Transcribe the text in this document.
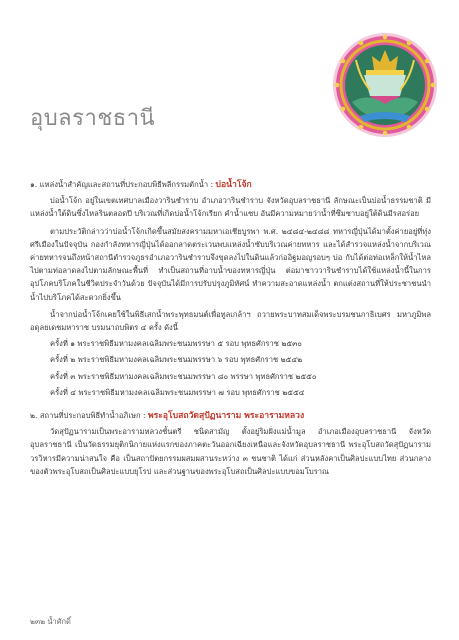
อุบลราชธานี

๑. แหล่งน้ำสำคัญและสถานที่ประกอบพิธีพลีกรรมตักน้ำ : บ่อน้ำโจ้ก

บ่อน้ำโจ้ก อยู่ในเขตเทศบาลเมืองวารินชำราบ อำเภอวารินชำราบ จังหวัดอุบลราชธานี ลักษณะเป็นบ่อน้ำธรรมชาติ มีแหล่งน้ำใต้ดินซึ่งไหลรินตลอดปี บริเวณที่เกิดบ่อน้ำโจ้กเรียก คำน้ำแซบ อันมีความหมายว่าน้ำที่ซึมซาบอยู่ใต้ดินมีรสอร่อย

ตามประวัติกล่าวว่าบ่อน้ำโจ้กเกิดขึ้นสมัยสงครามมหาเอเชียบูรพา พ.ศ. ๒๔๘๔-๒๔๘๘ ทหารญี่ปุ่นได้มาตั้งค่ายอยู่ที่ทุ่งศรีเมืองในปัจจุบัน กองกำลังทหารญี่ปุ่นได้ออกลาดตระเวนพบแหล่งน้ำซับบริเวณค่ายทหาร และได้สำรวจแหล่งน้ำจากบริเวณค่ายทหารจนถึงหน้าสถานีตำรวจภูธรอำเภอวารินชำราบจึงขุดลงไปในดินแล้วก่ออิฐมอญรอบๆ บ่อ กับได้ต่อท่อเหล็กให้น้ำไหลไปตามท่อลาดลงไปตามลักษณะพื้นที่ ทำเป็นสถานที่อาบน้ำของทหารญี่ปุ่น ต่อมาชาววารินชำราบได้ใช้แหล่งน้ำนี้ในการอุปโภคบริโภคในชีวิตประจำวันด้วย ปัจจุบันได้มีการปรับปรุงภูมิทัศน์ ทำความสะอาดแหล่งน้ำ ตกแต่งสถานที่ให้ประชาชนนำน้ำไปบริโภคได้สะดวกยิ่งขึ้น

น้ำจากบ่อน้ำโจ้กเคยใช้ในพิธีเสกน้ำพระพุทธมนต์เพื่อทูลเกล้าฯ ถวายพระบาทสมเด็จพระบรมชนกาธิเบศร มหาภูมิพลอดุลยเดชมหาราช บรมนาถบพิตร ๔ ครั้ง ดังนี้

ครั้งที่ ๑ พระราชพิธีมหามงคลเฉลิมพระชนมพรรษา ๕ รอบ พุทธศักราช ๒๕๓๐
ครั้งที่ ๒ พระราชพิธีมหามงคลเฉลิมพระชนมพรรษา ๖ รอบ พุทธศักราช ๒๕๔๒
ครั้งที่ ๓ พระราชพิธีมหามงคลเฉลิมพระชนมพรรษา ๘๐ พรรษา พุทธศักราช ๒๕๕๐
ครั้งที่ ๔ พระราชพิธีมหามงคลเฉลิมพระชนมพรรษา ๗ รอบ พุทธศักราช ๒๕๕๔

๒. สถานที่ประกอบพิธีทำน้ำอภิเษก : พระอุโบสถวัดสุปัฏนาราม พระอารามหลวง

วัดสุปัฏนารามเป็นพระอารามหลวงชั้นตรี ชนิดสามัญ ตั้งอยู่ริมฝั่งแม่น้ำมูล อำเภอเมืองอุบลราชธานี จังหวัดอุบลราชธานี เป็นวัดธรรมยุติกนิกายแห่งแรกของภาคตะวันออกเฉียงเหนือและจังหวัดอุบลราชธานี พระอุโบสถวัดสุปัฏนารามวรวิหารมีความน่าสนใจ คือ เป็นสถาปัตยกรรมผสมผสานระหว่าง ๓ ชนชาติ ได้แก่ ส่วนหลังคาเป็นศิลปะแบบไทย ส่วนกลางของตัวพระอุโบสถเป็นศิลปะแบบยุโรป และส่วนฐานของพระอุโบสถเป็นศิลปะแบบขอมโบราณ

๒๓๒ น้ำศักดิ์
